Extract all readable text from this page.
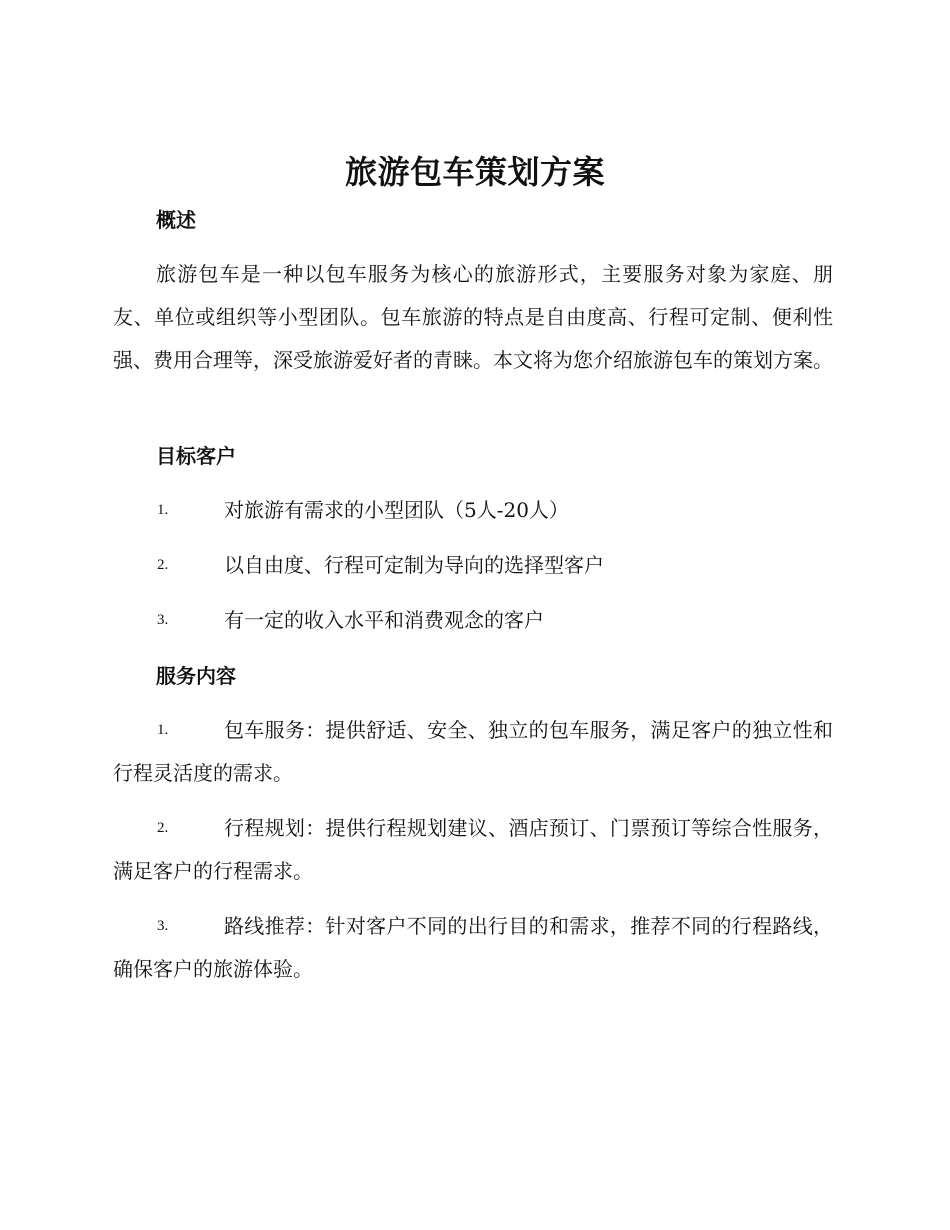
旅游包车策划方案
概述

旅游包车是一种以包车服务为核心的旅游形式，主要服务对象为家庭、朋友、单位或组织等小型团队。包车旅游的特点是自由度高、行程可定制、便利性强、费用合理等，深受旅游爱好者的青睐。本文将为您介绍旅游包车的策划方案。

目标客户
1.	对旅游有需求的小型团队（5人-20人）
2.	以自由度、行程可定制为导向的选择型客户
3.	有一定的收入水平和消费观念的客户
服务内容
1.	包车服务：提供舒适、安全、独立的包车服务，满足客户的独立性和行程灵活度的需求。
2.	行程规划：提供行程规划建议、酒店预订、门票预订等综合性服务，满足客户的行程需求。
3.	路线推荐：针对客户不同的出行目的和需求，推荐不同的行程路线，确保客户的旅游体验。
